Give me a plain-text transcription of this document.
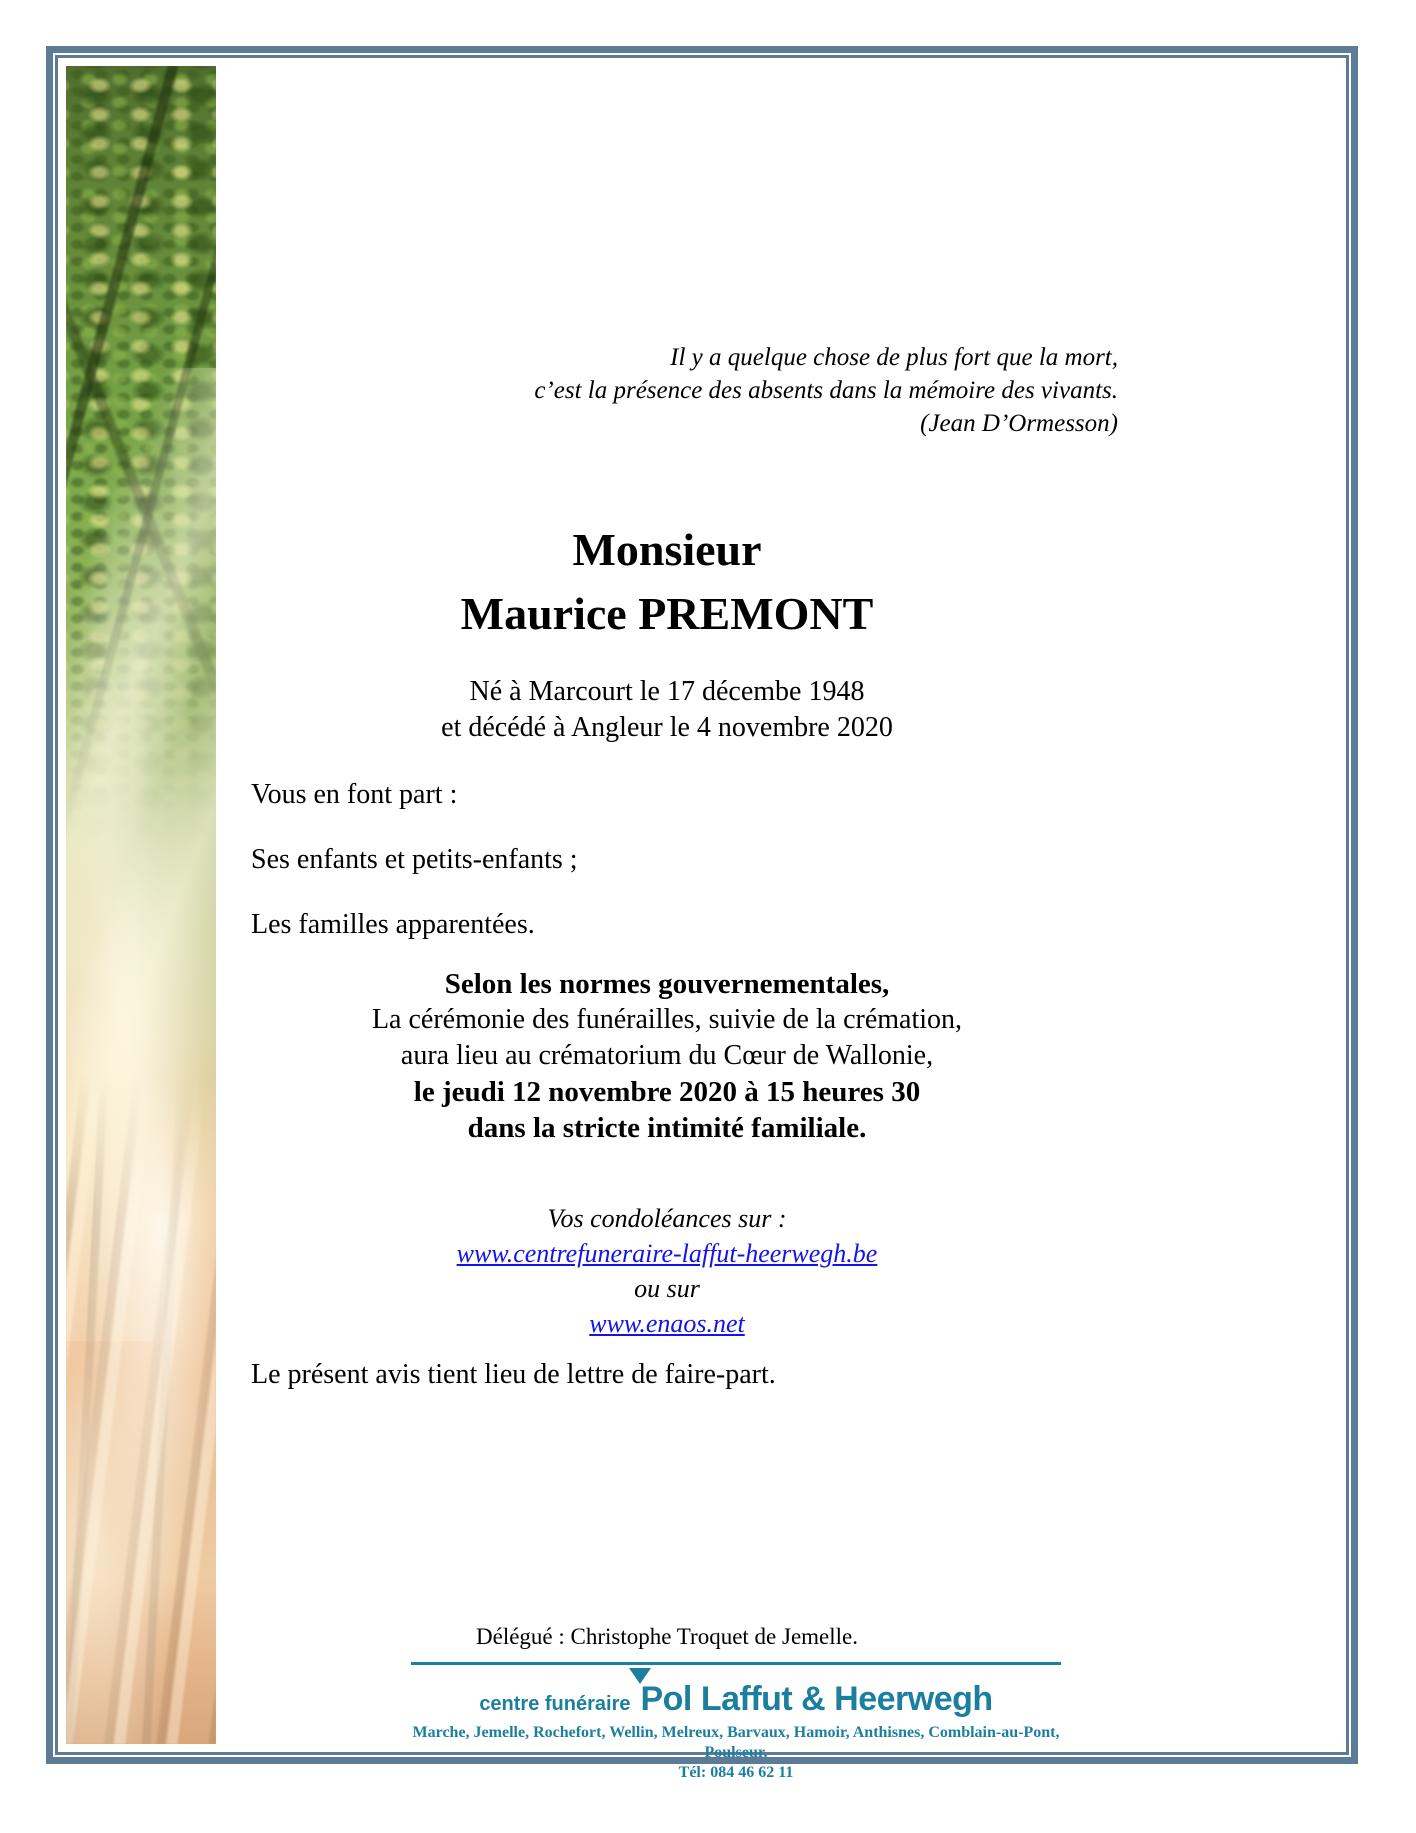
Il y a quelque chose de plus fort que la mort,
c’est la présence des absents dans la mémoire des vivants.
(Jean D’Ormesson)
Monsieur
Maurice PREMONT
Né à Marcourt le 17 décembe 1948
et décédé à Angleur le 4 novembre 2020
Vous en font part :
Ses enfants et petits-enfants ;
Les familles apparentées.
Selon les normes gouvernementales,
La cérémonie des funérailles, suivie de la crémation,
aura lieu au crématorium du Cœur de Wallonie,
le jeudi 12 novembre 2020 à 15 heures 30
dans la stricte intimité familiale.
Vos condoléances sur :
www.centrefuneraire-laffut-heerwegh.be
ou sur
www.enaos.net
Le présent avis tient lieu de lettre de faire-part.
Délégué : Christophe Troquet de Jemelle.
centre funéraire Pol Laffut & Heerwegh
Marche, Jemelle, Rochefort, Wellin, Melreux, Barvaux, Hamoir, Anthisnes, Comblain-au-Pont, Poulseur.
Tél: 084 46 62 11
